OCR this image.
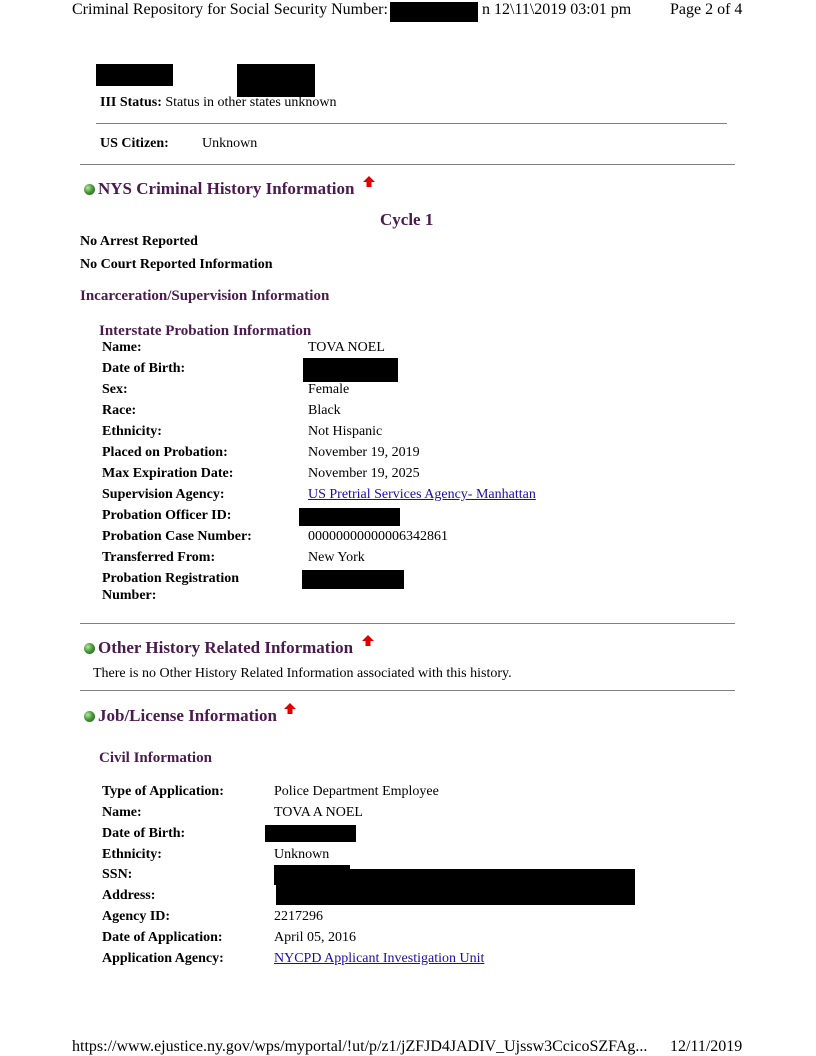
Criminal Repository for Social Security Number:	n 12\11\2019 03:01 pm Page 2 of 4
III Status: Status in other states unknown
US Citizen: Unknown
NYS Criminal History Information
Cycle 1
No Arrest Reported
No Court Reported Information
Incarceration/Supervision Information
Interstate Probation Information
Name:	TOVA NOEL
Date of Birth:
Sex:	Female
Race:	Black
Ethnicity:	Not Hispanic
Placed on Probation:	November 19, 2019
Max Expiration Date:	November 19, 2025
Supervision Agency:	US Pretrial Services Agency- Manhattan
Probation Officer ID:
Probation Case Number:	00000000000006342861
Transferred From:	New York
Probation Registration
Number:
Other History Related Information
There is no Other History Related Information associated with this history.
Job/License Information
Civil Information
Type of Application:	Police Department Employee
Name:	TOVA A NOEL
Date of Birth:
Ethnicity:	Unknown
SSN:
Address:
Agency ID:	2217296
Date of Application:	April 05, 2016
Application Agency:	NYCPD Applicant Investigation Unit
https://www.ejustice.ny.gov/wps/myportal/!ut/p/z1/jZFJD4JADIV_Ujssw3CcicoSZFAg... 12/11/2019
